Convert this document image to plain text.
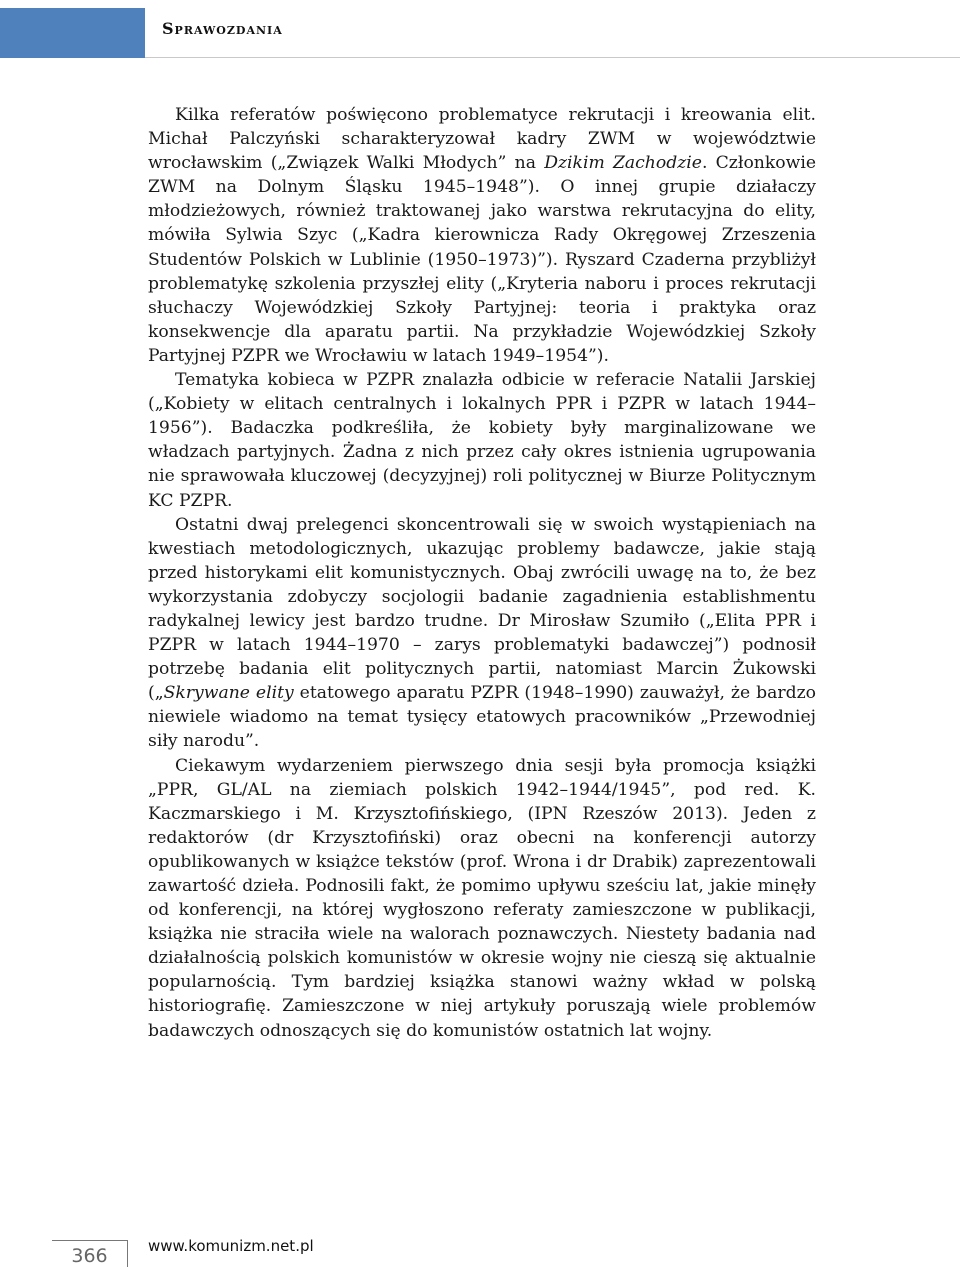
Sprawozdania

Kilka referatów poświęcono problematyce rekrutacji i kreowania elit. Michał Palczyński scharakteryzował kadry ZWM w województwie wrocławskim („Związek Walki Młodych” na Dzikim Zachodzie. Członkowie ZWM na Dolnym Śląsku 1945–1948”). O innej grupie działaczy młodzieżowych, również traktowanej jako warstwa rekrutacyjna do elity, mówiła Sylwia Szyc („Kadra kierownicza Rady Okręgowej Zrzeszenia Studentów Polskich w Lublinie (1950–1973)”). Ryszard Czaderna przybliżył problematykę szkolenia przyszłej elity („Kryteria naboru i proces rekrutacji słuchaczy Wojewódzkiej Szkoły Partyjnej: teoria i praktyka oraz konsekwencje dla aparatu partii. Na przykładzie Wojewódzkiej Szkoły Partyjnej PZPR we Wrocławiu w latach 1949–1954”).

Tematyka kobieca w PZPR znalazła odbicie w referacie Natalii Jarskiej („Kobiety w elitach centralnych i lokalnych PPR i PZPR w latach 1944–1956”). Badaczka podkreśliła, że kobiety były marginalizowane we władzach partyjnych. Żadna z nich przez cały okres istnienia ugrupowania nie sprawowała kluczowej (decyzyjnej) roli politycznej w Biurze Politycznym KC PZPR.

Ostatni dwaj prelegenci skoncentrowali się w swoich wystąpieniach na kwestiach metodologicznych, ukazując problemy badawcze, jakie stają przed historykami elit komunistycznych. Obaj zwrócili uwagę na to, że bez wykorzystania zdobyczy socjologii badanie zagadnienia establishmentu radykalnej lewicy jest bardzo trudne. Dr Mirosław Szumiło („Elita PPR i PZPR w latach 1944–1970 – zarys problematyki badawczej”) podnosił potrzebę badania elit politycznych partii, natomiast Marcin Żukowski („Skrywane elity etatowego aparatu PZPR (1948–1990) zauważył, że bardzo niewiele wiadomo na temat tysięcy etatowych pracowników „Przewodniej siły narodu”.

Ciekawym wydarzeniem pierwszego dnia sesji była promocja książki „PPR, GL/AL na ziemiach polskich 1942–1944/1945”, pod red. K. Kaczmarskiego i M. Krzysztofińskiego, (IPN Rzeszów 2013). Jeden z redaktorów (dr Krzysztofiński) oraz obecni na konferencji autorzy opublikowanych w książce tekstów (prof. Wrona i dr Drabik) zaprezentowali zawartość dzieła. Podnosili fakt, że pomimo upływu sześciu lat, jakie minęły od konferencji, na której wygłoszono referaty zamieszczone w publikacji, książka nie straciła wiele na walorach poznawczych. Niestety badania nad działalnością polskich komunistów w okresie wojny nie cieszą się aktualnie popularnością. Tym bardziej książka stanowi ważny wkład w polską historiografię. Zamieszczone w niej artykuły poruszają wiele problemów badawczych odnoszących się do komunistów ostatnich lat wojny.

366	www.komunizm.net.pl
